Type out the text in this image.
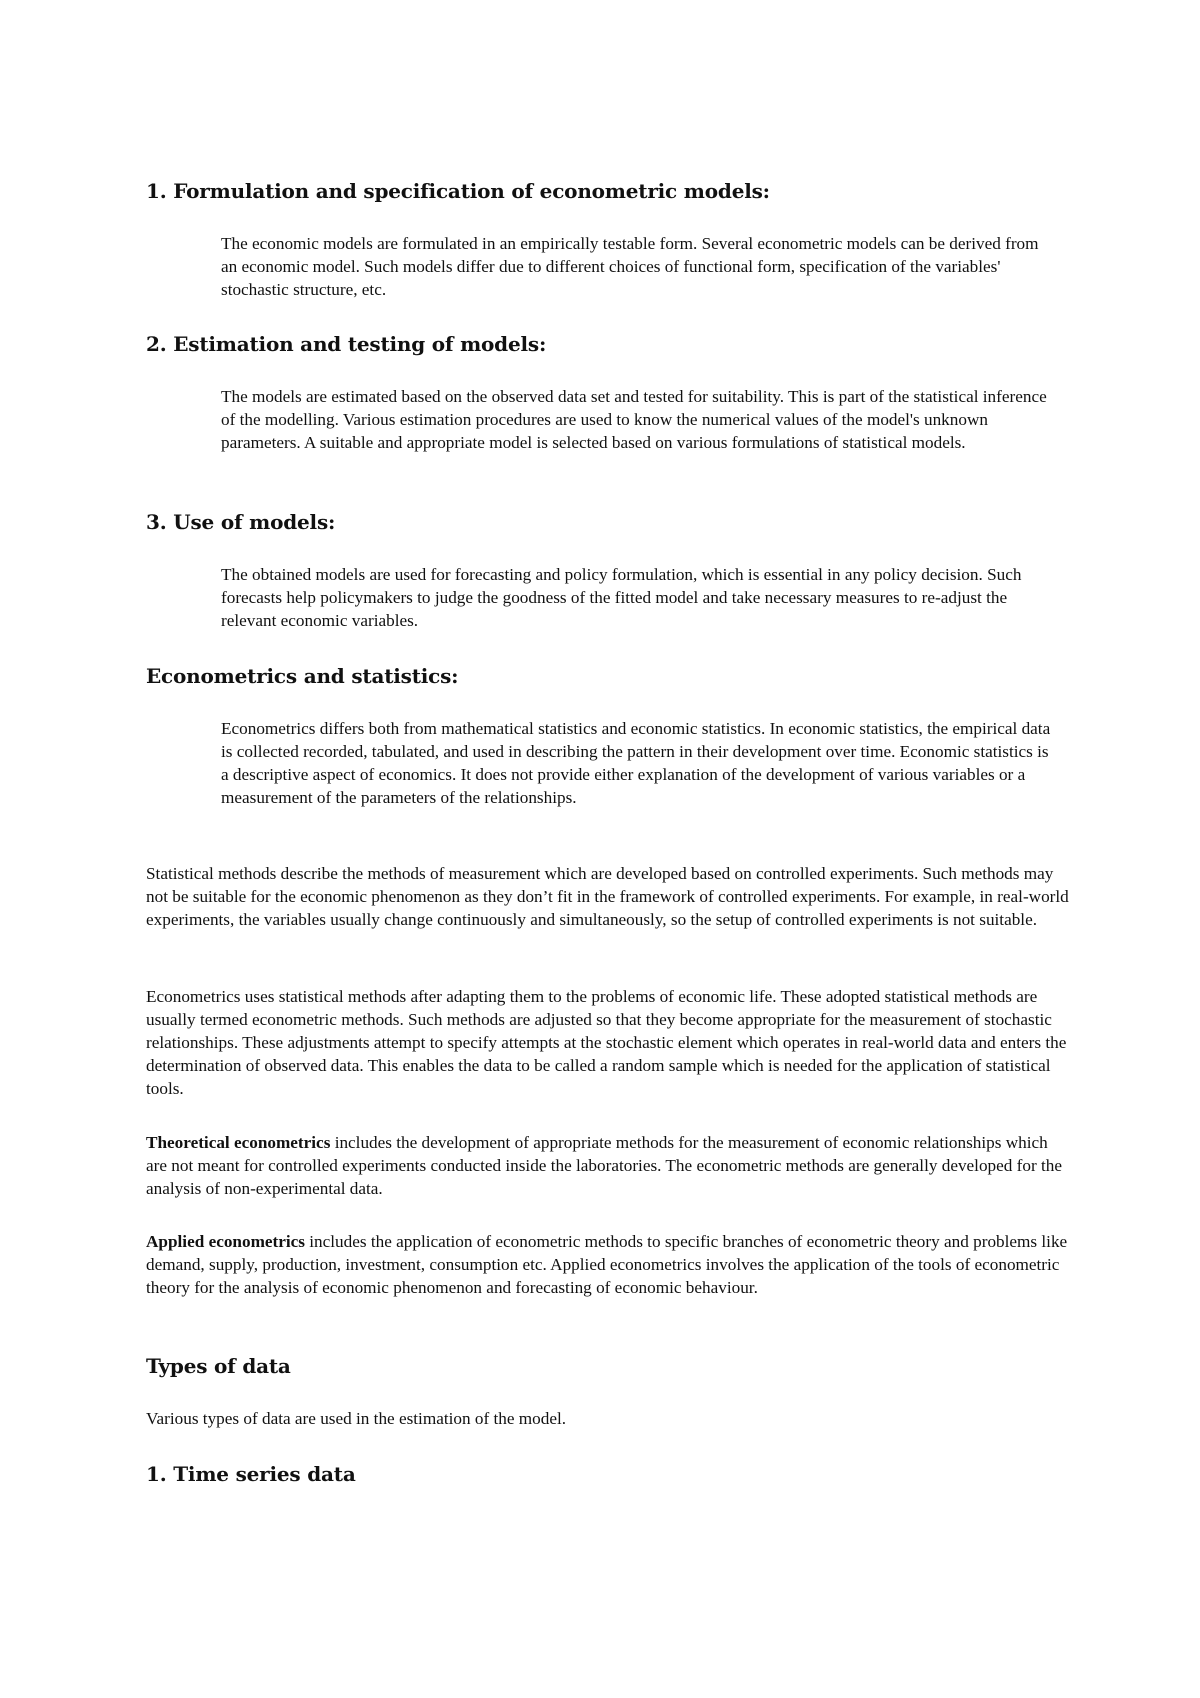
1. Formulation and specification of econometric models:

The economic models are formulated in an empirically testable form. Several econometric models can be derived from an economic model. Such models differ due to different choices of functional form, specification of the variables' stochastic structure, etc.

2. Estimation and testing of models:

The models are estimated based on the observed data set and tested for suitability. This is part of the statistical inference of the modelling. Various estimation procedures are used to know the numerical values of the model's unknown parameters. A suitable and appropriate model is selected based on various formulations of statistical models.

3. Use of models:

The obtained models are used for forecasting and policy formulation, which is essential in any policy decision. Such forecasts help policymakers to judge the goodness of the fitted model and take necessary measures to re-adjust the relevant economic variables.

Econometrics and statistics:

Econometrics differs both from mathematical statistics and economic statistics. In economic statistics, the empirical data is collected recorded, tabulated, and used in describing the pattern in their development over time. Economic statistics is a descriptive aspect of economics. It does not provide either explanation of the development of various variables or a measurement of the parameters of the relationships.

Statistical methods describe the methods of measurement which are developed based on controlled experiments. Such methods may not be suitable for the economic phenomenon as they don’t fit in the framework of controlled experiments. For example, in real-world experiments, the variables usually change continuously and simultaneously, so the setup of controlled experiments is not suitable.

Econometrics uses statistical methods after adapting them to the problems of economic life. These adopted statistical methods are usually termed econometric methods. Such methods are adjusted so that they become appropriate for the measurement of stochastic relationships. These adjustments attempt to specify attempts at the stochastic element which operates in real-world data and enters the determination of observed data. This enables the data to be called a random sample which is needed for the application of statistical tools.

Theoretical econometrics includes the development of appropriate methods for the measurement of economic relationships which are not meant for controlled experiments conducted inside the laboratories. The econometric methods are generally developed for the analysis of non-experimental data.

Applied econometrics includes the application of econometric methods to specific branches of econometric theory and problems like demand, supply, production, investment, consumption etc. Applied econometrics involves the application of the tools of econometric theory for the analysis of economic phenomenon and forecasting of economic behaviour.

Types of data

Various types of data are used in the estimation of the model.

1. Time series data
